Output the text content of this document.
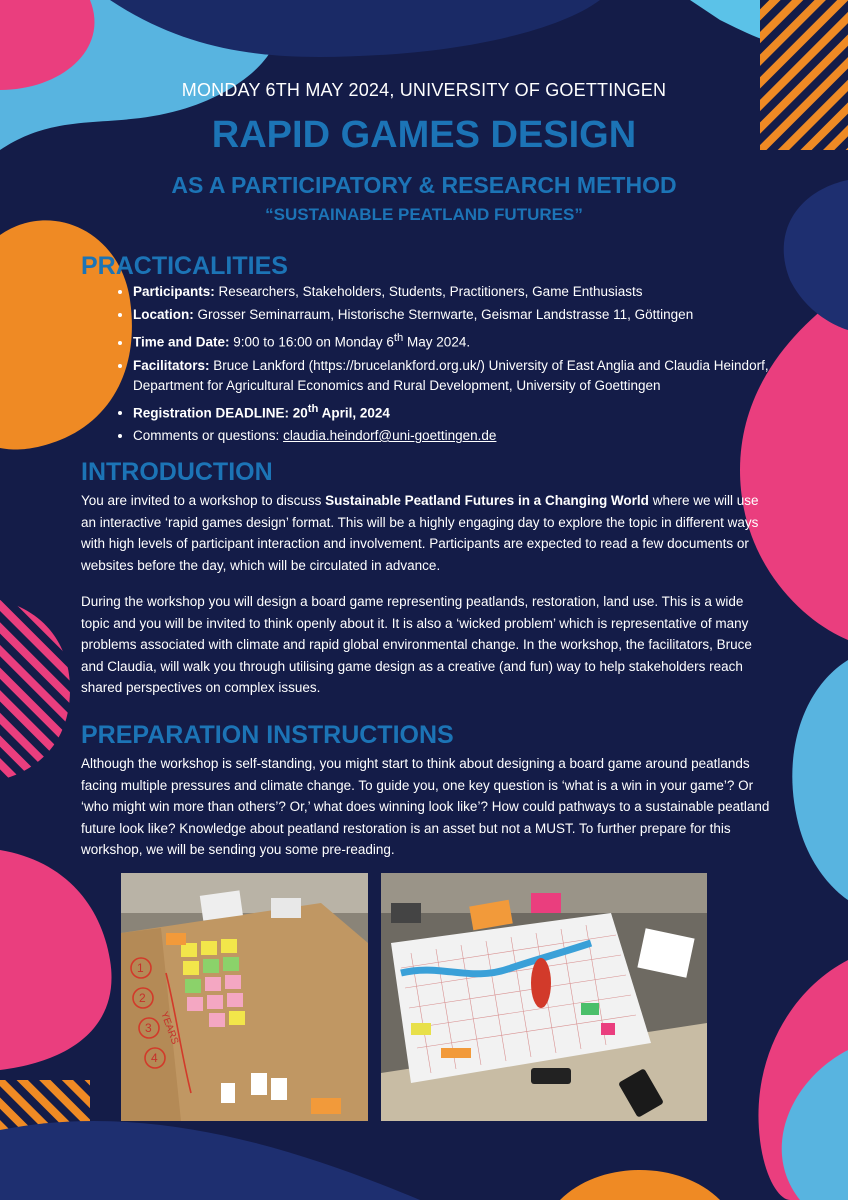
MONDAY 6TH MAY 2024, UNIVERSITY OF GOETTINGEN
RAPID GAMES DESIGN
AS A PARTICIPATORY & RESEARCH METHOD
“SUSTAINABLE PEATLAND FUTURES”
PRACTICALITIES
• Participants: Researchers, Stakeholders, Students, Practitioners, Game Enthusiasts
• Location: Grosser Seminarraum, Historische Sternwarte, Geismar Landstrasse 11, Göttingen
• Time and Date: 9:00 to 16:00 on Monday 6th May 2024.
• Facilitators: Bruce Lankford (https://brucelankford.org.uk/) University of East Anglia and Claudia Heindorf, Department for Agricultural Economics and Rural Development, University of Goettingen
• Registration DEADLINE: 20th April, 2024
• Comments or questions: claudia.heindorf@uni-goettingen.de
INTRODUCTION

You are invited to a workshop to discuss Sustainable Peatland Futures in a Changing World where we will use an interactive ‘rapid games design’ format. This will be a highly engaging day to explore the topic in different ways with high levels of participant interaction and involvement. Participants are expected to read a few documents or websites before the day, which will be circulated in advance.

During the workshop you will design a board game representing peatlands, restoration, land use. This is a wide topic and you will be invited to think openly about it. It is also a ‘wicked problem’ which is representative of many problems associated with climate and rapid global environmental change. In the workshop, the facilitators, Bruce and Claudia, will walk you through utilising game design as a creative (and fun) way to help stakeholders reach shared perspectives on complex issues.

PREPARATION INSTRUCTIONS

Although the workshop is self-standing, you might start to think about designing a board game around peatlands facing multiple pressures and climate change. To guide you, one key question is ‘what is a win in your game’? Or ‘who might win more than others’? Or,’ what does winning look like’? How could pathways to a sustainable peatland future look like? Knowledge about peatland restoration is an asset but not a MUST. To further prepare for this workshop, we will be sending you some pre-reading.

1
2
3
4
YEARS
